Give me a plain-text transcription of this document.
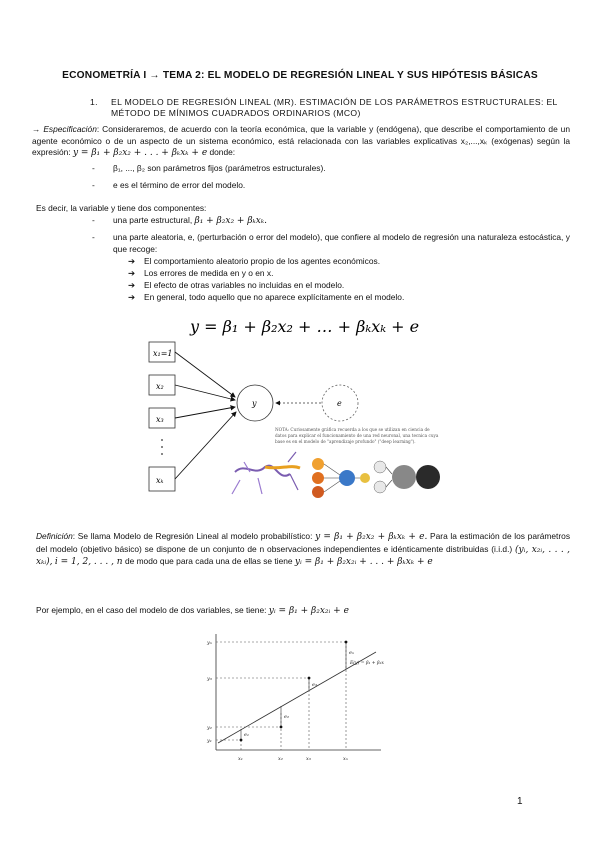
ECONOMETRÍA I → TEMA 2: EL MODELO DE REGRESIÓN LINEAL Y SUS HIPÓTESIS BÁSICAS
1.	EL MODELO DE REGRESIÓN LINEAL (MR). ESTIMACIÓN DE LOS PARÁMETROS ESTRUCTURALES: EL MÉTODO DE MÍNIMOS CUADRADOS ORDINARIOS (MCO)
→ Especificación: Consideraremos, de acuerdo con la teoría económica, que la variable y (endógena), que describe el comportamiento de un agente económico o de un aspecto de un sistema económico, está relacionada con las variables explicativas x₂,...,xₖ (exógenas) según la expresión: y = β₁ + β₂x₂ + . . . + βₖxₖ + e donde:
- β₁, ..., β₂ son parámetros fijos (parámetros estructurales).
- e es el término de error del modelo.
Es decir, la variable y tiene dos componentes:
- una parte estructural, β₁ + β₂x₂ + βₖxₖ.
-	una parte aleatoria, e, (perturbación o error del modelo), que confiere al modelo de regresión una naturaleza estocástica, y que recoge:
➔ El comportamiento aleatorio propio de los agentes económicos.
➔ Los errores de medida en y o en x.
➔ El efecto de otras variables no incluidas en el modelo.
➔ En general, todo aquello que no aparece explícitamente en el modelo.
y = β₁ + β₂x₂ + … + βₖxₖ + e
x₁=1
x₂
x₃
xₖ
y	e
NOTA: Curiosamente gráfica recuerda a los que se utilizan en ciencia de
datos para explicar el funcionamiento de una red neuronal, una tecnica cuya
base es en el modelo de "aprendizaje profundo" ("deep learning").
Definición: Se llama Modelo de Regresión Lineal al modelo probabilístico: y = β₁ + β₂x₂ + βₖxₖ + e. Para la estimación de los parámetros del modelo (objetivo básico) se dispone de un conjunto de n observaciones independientes e idénticamente distribuidas (i.i.d.) (yᵢ, x₂ᵢ, . . . , xₖᵢ), i = 1, 2, . . . , n de modo que para cada una de ellas se tiene yᵢ = β₁ + β₂x₂ᵢ + . . . + βₖxₖ + e
Por ejemplo, en el caso del modelo de dos variables, se tiene: yᵢ = β₁ + β₂x₂ᵢ + e
x₁	x₂	x₃	xₙ
y₁
y₂
y₃
yₙ
e₁
e₂
e₃
eₙ
E(y) = β₁ + β₂x
1
